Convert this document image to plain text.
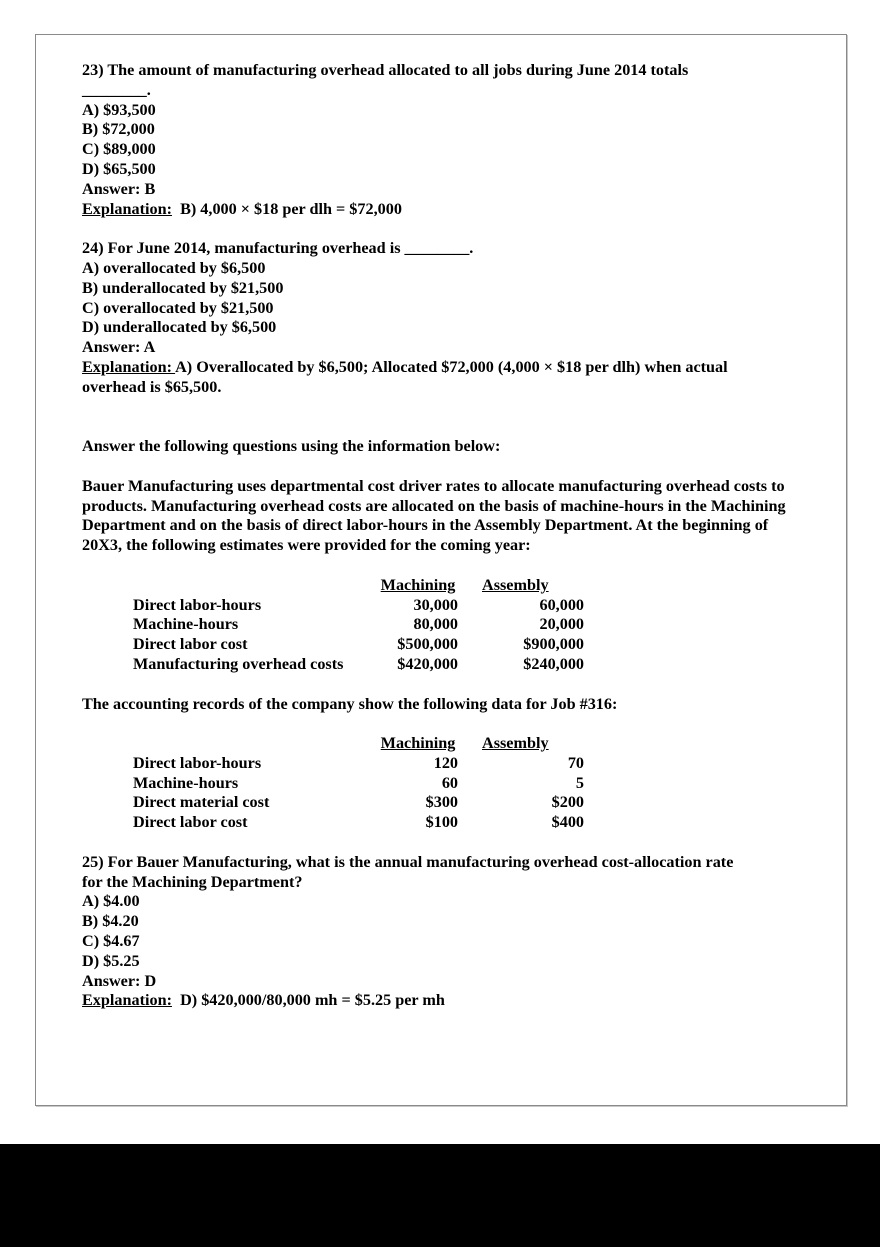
23) The amount of manufacturing overhead allocated to all jobs during June 2014 totals
________.
A) $93,500
B) $72,000
C) $89,000
D) $65,500
Answer: B
Explanation:  B) 4,000 × $18 per dlh = $72,000
24) For June 2014, manufacturing overhead is ________.
A) overallocated by $6,500
B) underallocated by $21,500
C) overallocated by $21,500
D) underallocated by $6,500
Answer: A
Explanation: A) Overallocated by $6,500; Allocated $72,000 (4,000 × $18 per dlh) when actual overhead is $65,500.
Answer the following questions using the information below:
Bauer Manufacturing uses departmental cost driver rates to allocate manufacturing overhead costs to products. Manufacturing overhead costs are allocated on the basis of machine-hours in the Machining Department and on the basis of direct labor-hours in the Assembly Department. At the beginning of 20X3, the following estimates were provided for the coming year:
	Machining	Assembly
Direct labor-hours	30,000	60,000
Machine-hours	80,000	20,000
Direct labor cost	$500,000	$900,000
Manufacturing overhead costs	$420,000	$240,000
The accounting records of the company show the following data for Job #316:
	Machining	Assembly
Direct labor-hours	120	70
Machine-hours	60	5
Direct material cost	$300	$200
Direct labor cost	$100	$400
25) For Bauer Manufacturing, what is the annual manufacturing overhead cost-allocation rate
for the Machining Department?
A) $4.00
B) $4.20
C) $4.67
D) $5.25
Answer: D
Explanation:  D) $420,000/80,000 mh = $5.25 per mh
